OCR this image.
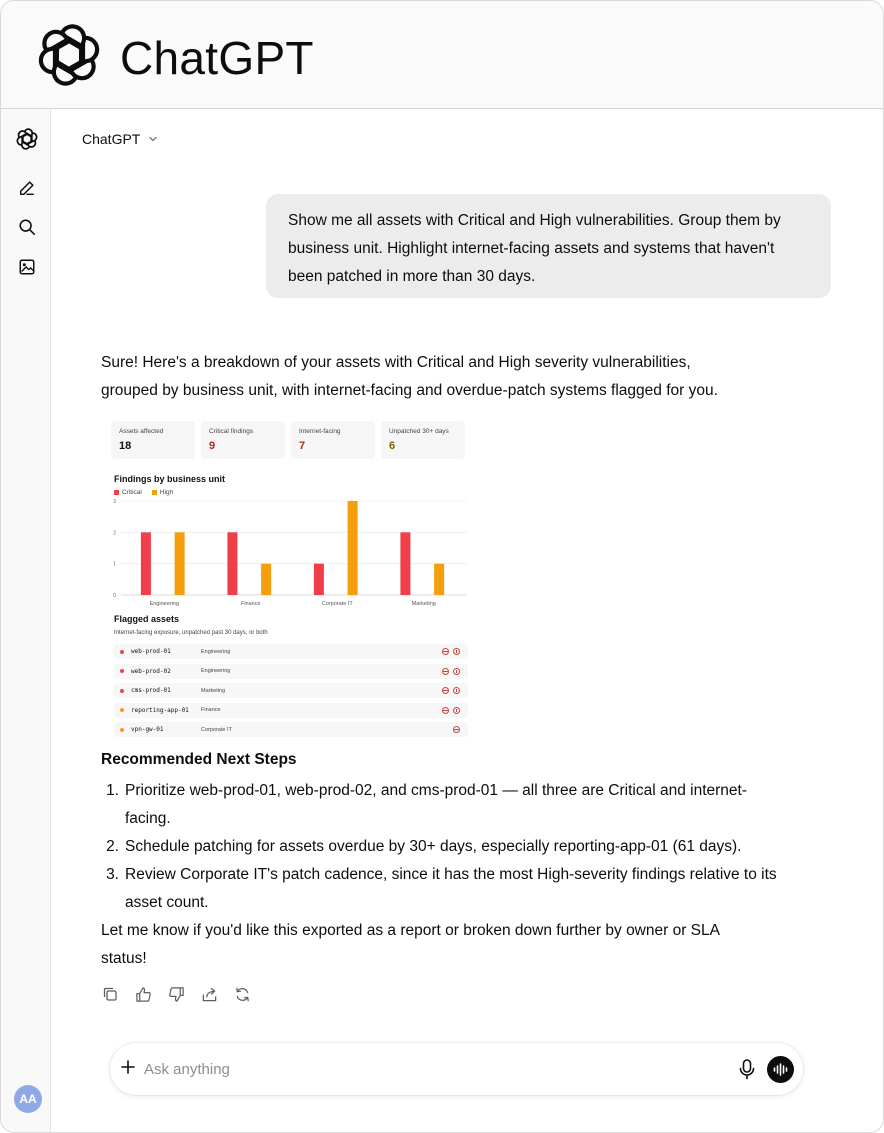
ChatGPT
AA
ChatGPT
Show me all assets with Critical and High vulnerabilities. Group them by business unit. Highlight internet-facing assets and systems that haven't been patched in more than 30 days.
Sure! Here's a breakdown of your assets with Critical and High severity vulnerabilities, grouped by business unit, with internet-facing and overdue-patch systems flagged for you.
Assets affected
18
Critical findings
9
Internet-facing
7
Unpatched 30+ days
6
Findings by business unit
Critical	High
0
1
2
3
Engineering	Finance	Corporate IT	Marketing
Flagged assets
Internet-facing exposure, unpatched past 30 days, or both
web-prod-01	Engineering
web-prod-02	Engineering
cms-prod-01	Marketing
reporting-app-01	Finance
vpn-gw-01	Corporate IT
Recommended Next Steps
1. Prioritize web-prod-01, web-prod-02, and cms-prod-01 — all three are Critical and internet-facing.
2. Schedule patching for assets overdue by 30+ days, especially reporting-app-01 (61 days).
3. Review Corporate IT's patch cadence, since it has the most High-severity findings relative to its asset count.
Let me know if you'd like this exported as a report or broken down further by owner or SLA status!
Ask anything
